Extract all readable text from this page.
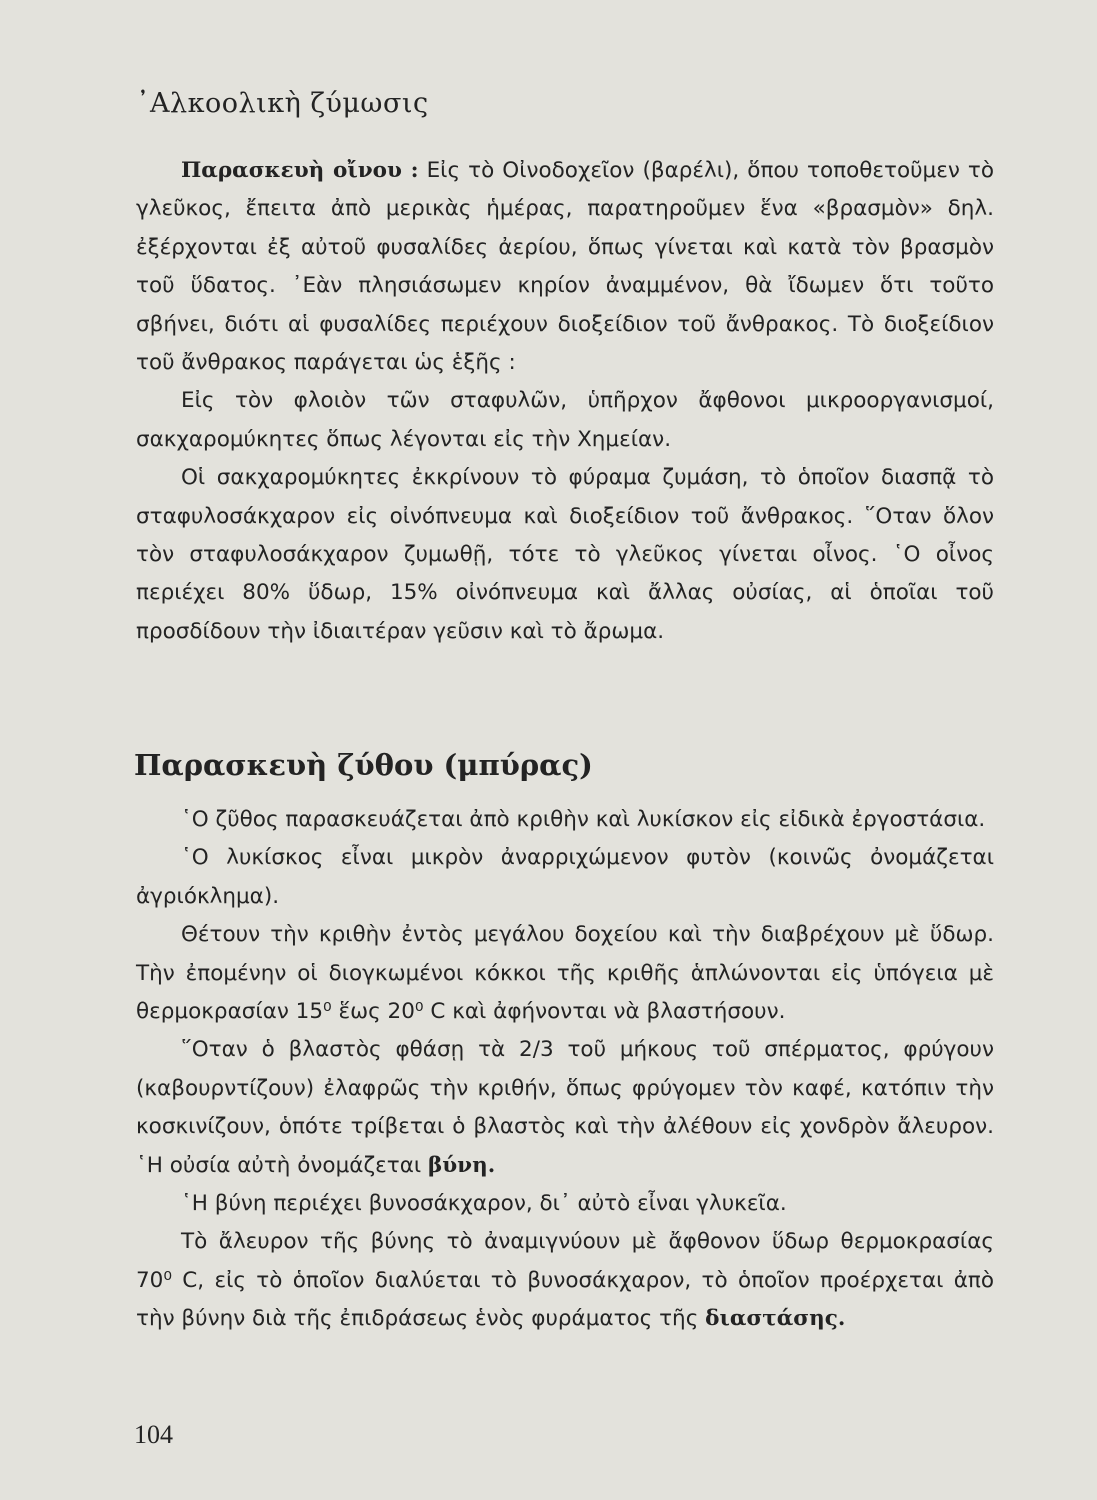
᾿Αλκοολικὴ ζύμωσις

Παρασκευὴ οἴνου : Εἰς τὸ Οἰνοδοχεῖον (βαρέλι), ὅπου τοποθετοῦμεν τὸ γλεῦκος, ἔπειτα ἀπὸ μερικὰς ἡμέρας, παρατηροῦμεν ἕνα «βρασμὸν» δηλ. ἐξέρχονται ἐξ αὐτοῦ φυσαλίδες ἀερίου, ὅπως γίνεται καὶ κατὰ τὸν βρασμὸν τοῦ ὕδατος. ᾿Εὰν πλησιάσωμεν κηρίον ἀναμμένον, θὰ ἴδωμεν ὅτι τοῦτο σβήνει, διότι αἱ φυσαλίδες περιέχουν διοξείδιον τοῦ ἄνθρακος. Τὸ διοξείδιον τοῦ ἄνθρακος παράγεται ὡς ἑξῆς :

Εἰς τὸν φλοιὸν τῶν σταφυλῶν, ὑπῆρχον ἄφθονοι μικροοργανισμοί, σακχαρομύκητες ὅπως λέγονται εἰς τὴν Χημείαν.

Οἱ σακχαρομύκητες ἐκκρίνουν τὸ φύραμα ζυμάση, τὸ ὁποῖον διασπᾷ τὸ σταφυλοσάκχαρον εἰς οἰνόπνευμα καὶ διοξείδιον τοῦ ἄνθρακος. ῞Οταν ὅλον τὸν σταφυλοσάκχαρον ζυμωθῇ, τότε τὸ γλεῦκος γίνεται οἶνος. ῾Ο οἶνος περιέχει 80% ὕδωρ, 15% οἰνόπνευμα καὶ ἄλλας οὐσίας, αἱ ὁποῖαι τοῦ προσδίδουν τὴν ἰδιαιτέραν γεῦσιν καὶ τὸ ἄρωμα.

Παρασκευὴ ζύθου (μπύρας)

῾Ο ζῦθος παρασκευάζεται ἀπὸ κριθὴν καὶ λυκίσκον εἰς εἰδικὰ ἐργοστάσια.

῾Ο λυκίσκος εἶναι μικρὸν ἀναρριχώμενον φυτὸν (κοινῶς ὀνομάζεται ἀγριόκλημα).

Θέτουν τὴν κριθὴν ἐντὸς μεγάλου δοχείου καὶ τὴν διαβρέχουν μὲ ὕδωρ. Τὴν ἐπομένην οἱ διογκωμένοι κόκκοι τῆς κριθῆς ἁπλώνονται εἰς ὑπόγεια μὲ θερμοκρασίαν 15⁰ ἕως 20⁰ C καὶ ἀφήνονται νὰ βλαστήσουν.

῞Οταν ὁ βλαστὸς φθάσῃ τὰ 2/3 τοῦ μήκους τοῦ σπέρματος, φρύγουν (καβουρντίζουν) ἐλαφρῶς τὴν κριθήν, ὅπως φρύγομεν τὸν καφέ, κατόπιν τὴν κοσκινίζουν, ὁπότε τρίβεται ὁ βλαστὸς καὶ τὴν ἀλέθουν εἰς χονδρὸν ἄλευρον. ῾Η οὐσία αὐτὴ ὀνομάζεται βύνη.

῾Η βύνη περιέχει βυνοσάκχαρον, δι᾿ αὐτὸ εἶναι γλυκεῖα.

Τὸ ἄλευρον τῆς βύνης τὸ ἀναμιγνύουν μὲ ἄφθονον ὕδωρ θερμοκρασίας 70⁰ C, εἰς τὸ ὁποῖον διαλύεται τὸ βυνοσάκχαρον, τὸ ὁποῖον προέρχεται ἀπὸ τὴν βύνην διὰ τῆς ἐπιδράσεως ἑνὸς φυράματος τῆς διαστάσης.

104
